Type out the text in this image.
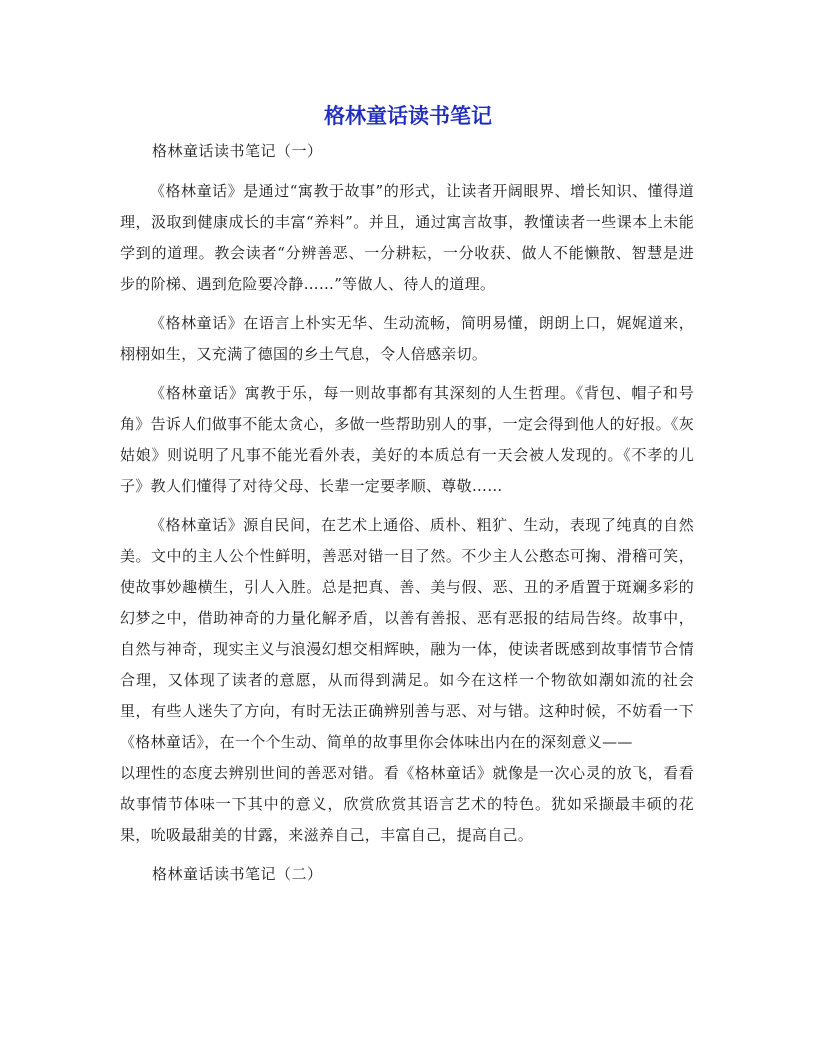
格林童话读书笔记
格林童话读书笔记（一）
《格林童话》是通过“寓教于故事”的形式，让读者开阔眼界、增长知识、懂得道理，汲取到健康成长的丰富“养料”。并且，通过寓言故事，教懂读者一些课本上未能学到的道理。教会读者“分辨善恶、一分耕耘，一分收获、做人不能懒散、智慧是进步的阶梯、遇到危险要冷静……”等做人、待人的道理。
《格林童话》在语言上朴实无华、生动流畅，简明易懂，朗朗上口，娓娓道来，栩栩如生，又充满了德国的乡土气息，令人倍感亲切。
《格林童话》寓教于乐，每一则故事都有其深刻的人生哲理。《背包、帽子和号角》告诉人们做事不能太贪心，多做一些帮助别人的事，一定会得到他人的好报。《灰姑娘》则说明了凡事不能光看外表，美好的本质总有一天会被人发现的。《不孝的儿子》教人们懂得了对待父母、长辈一定要孝顺、尊敬……
《格林童话》源自民间，在艺术上通俗、质朴、粗犷、生动，表现了纯真的自然美。文中的主人公个性鲜明，善恶对错一目了然。不少主人公憨态可掬、滑稽可笑，使故事妙趣横生，引人入胜。总是把真、善、美与假、恶、丑的矛盾置于斑斓多彩的幻梦之中，借助神奇的力量化解矛盾，以善有善报、恶有恶报的结局告终。故事中，自然与神奇，现实主义与浪漫幻想交相辉映，融为一体，使读者既感到故事情节合情合理，又体现了读者的意愿，从而得到满足。如今在这样一个物欲如潮如流的社会里，有些人迷失了方向，有时无法正确辨别善与恶、对与错。这种时候，不妨看一下《格林童话》，在一个个生动、简单的故事里你会体味出内在的深刻意义——
以理性的态度去辨别世间的善恶对错。看《格林童话》就像是一次心灵的放飞，看看故事情节体味一下其中的意义，欣赏欣赏其语言艺术的特色。犹如采撷最丰硕的花果，吮吸最甜美的甘露，来滋养自己，丰富自己，提高自己。
格林童话读书笔记（二）
